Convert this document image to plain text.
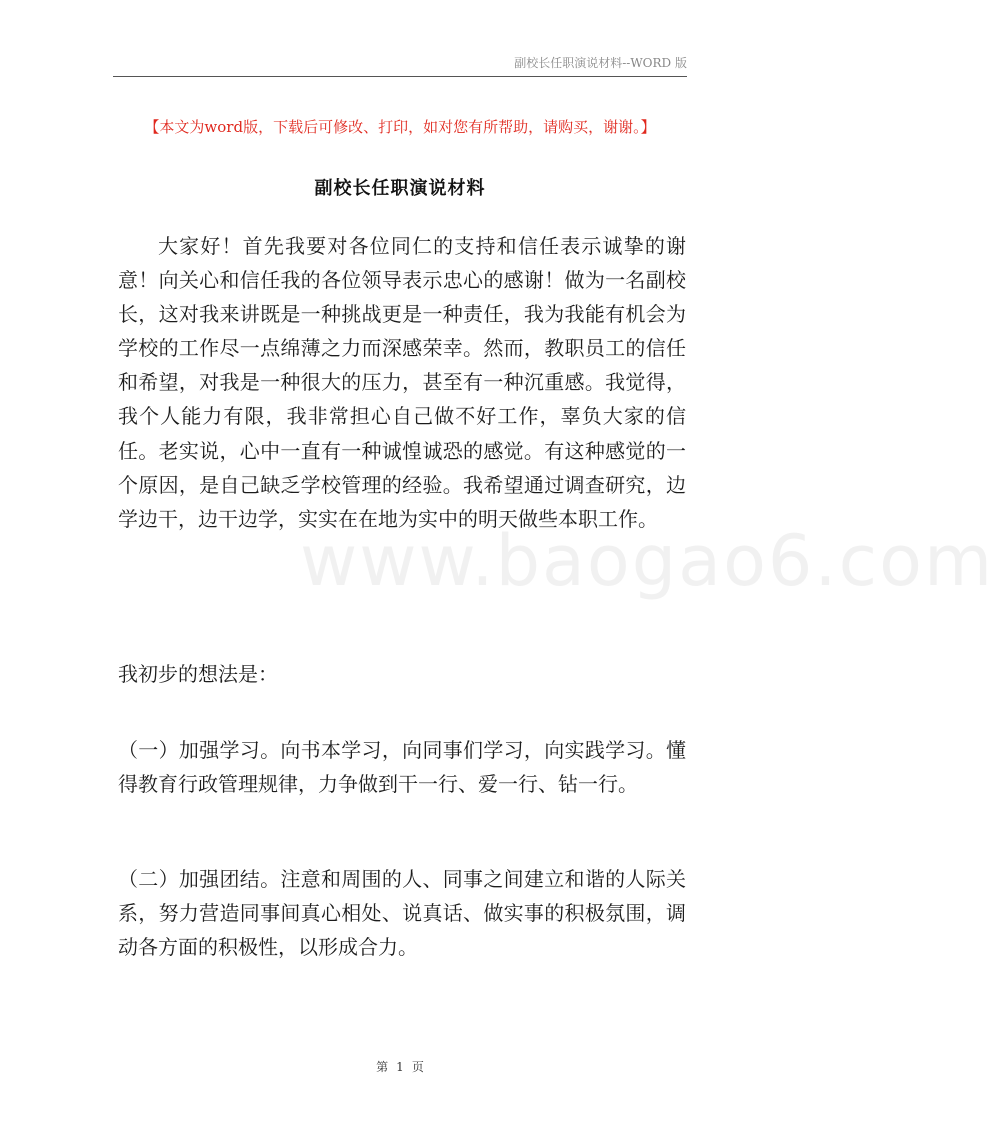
副校长任职演说材料--WORD 版
【本文为word版，下载后可修改、打印，如对您有所帮助，请购买，谢谢。】
副校长任职演说材料

大家好！首先我要对各位同仁的支持和信任表示诚挚的谢意！向关心和信任我的各位领导表示忠心的感谢！做为一名副校长，这对我来讲既是一种挑战更是一种责任，我为我能有机会为学校的工作尽一点绵薄之力而深感荣幸。然而，教职员工的信任和希望，对我是一种很大的压力，甚至有一种沉重感。我觉得，我个人能力有限，我非常担心自己做不好工作，辜负大家的信任。老实说，心中一直有一种诚惶诚恐的感觉。有这种感觉的一个原因，是自己缺乏学校管理的经验。我希望通过调查研究，边学边干，边干边学，实实在在地为实中的明天做些本职工作。

我初步的想法是：

（一）加强学习。向书本学习，向同事们学习，向实践学习。懂得教育行政管理规律，力争做到干一行、爱一行、钻一行。

（二）加强团结。注意和周围的人、同事之间建立和谐的人际关系，努力营造同事间真心相处、说真话、做实事的积极氛围，调动各方面的积极性，以形成合力。

www.baogao6.com
第 1 页
